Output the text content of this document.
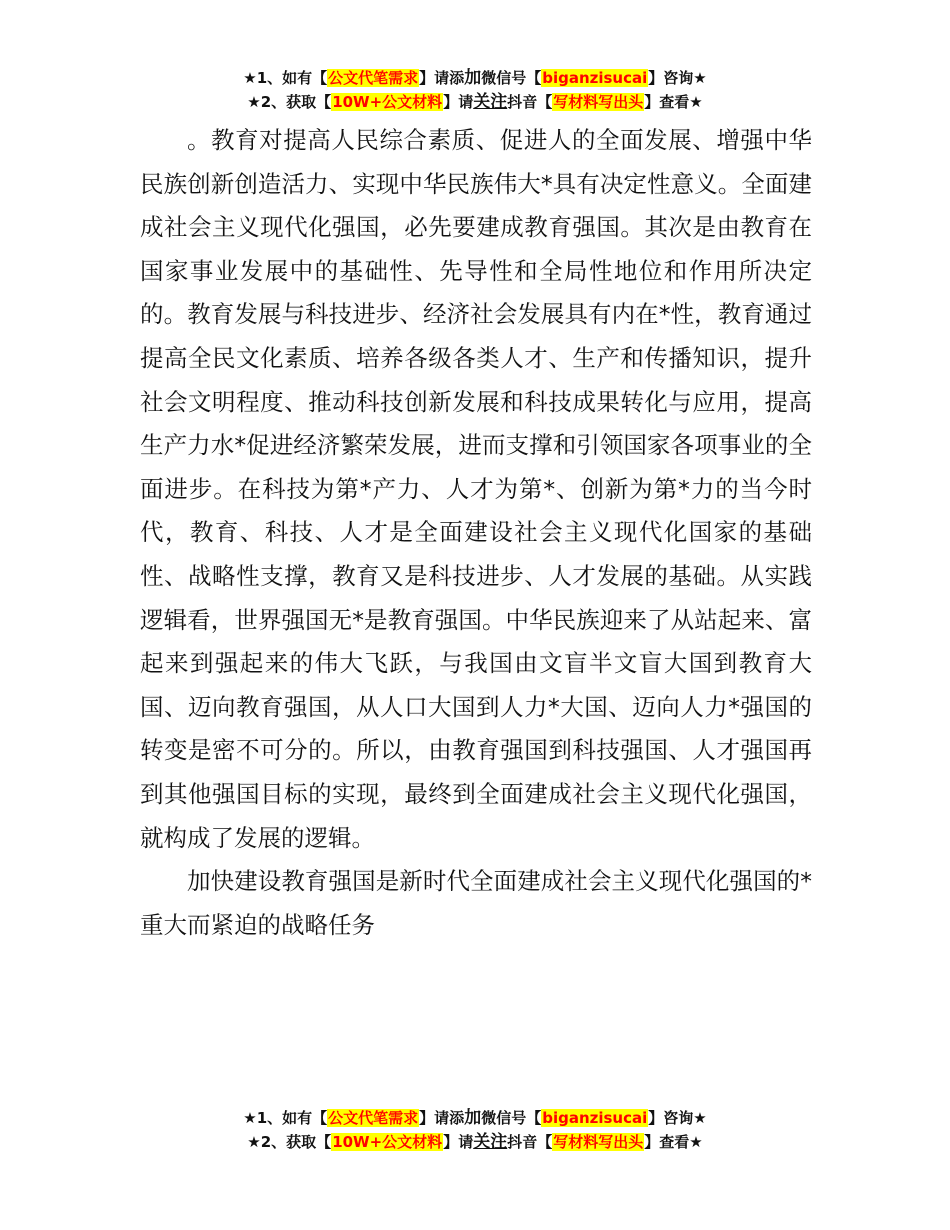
★1、如有【公文代笔需求】请添加微信号【biganzisucai】咨询★
★2、获取【10W+公文材料】请关注抖音【写材料写出头】查看★

。教育对提高人民综合素质、促进人的全面发展、增强中华民族创新创造活力、实现中华民族伟大*具有决定性意义。全面建成社会主义现代化强国，必先要建成教育强国。其次是由教育在国家事业发展中的基础性、先导性和全局性地位和作用所决定的。教育发展与科技进步、经济社会发展具有内在*性，教育通过提高全民文化素质、培养各级各类人才、生产和传播知识，提升社会文明程度、推动科技创新发展和科技成果转化与应用，提高生产力水*促进经济繁荣发展，进而支撑和引领国家各项事业的全面进步。在科技为第*产力、人才为第*、创新为第*力的当今时代，教育、科技、人才是全面建设社会主义现代化国家的基础性、战略性支撑，教育又是科技进步、人才发展的基础。从实践逻辑看，世界强国无*是教育强国。中华民族迎来了从站起来、富起来到强起来的伟大飞跃，与我国由文盲半文盲大国到教育大国、迈向教育强国，从人口大国到人力*大国、迈向人力*强国的转变是密不可分的。所以，由教育强国到科技强国、人才强国再到其他强国目标的实现，最终到全面建成社会主义现代化强国，就构成了发展的逻辑。

加快建设教育强国是新时代全面建成社会主义现代化强国的*重大而紧迫的战略任务

★1、如有【公文代笔需求】请添加微信号【biganzisucai】咨询★
★2、获取【10W+公文材料】请关注抖音【写材料写出头】查看★
